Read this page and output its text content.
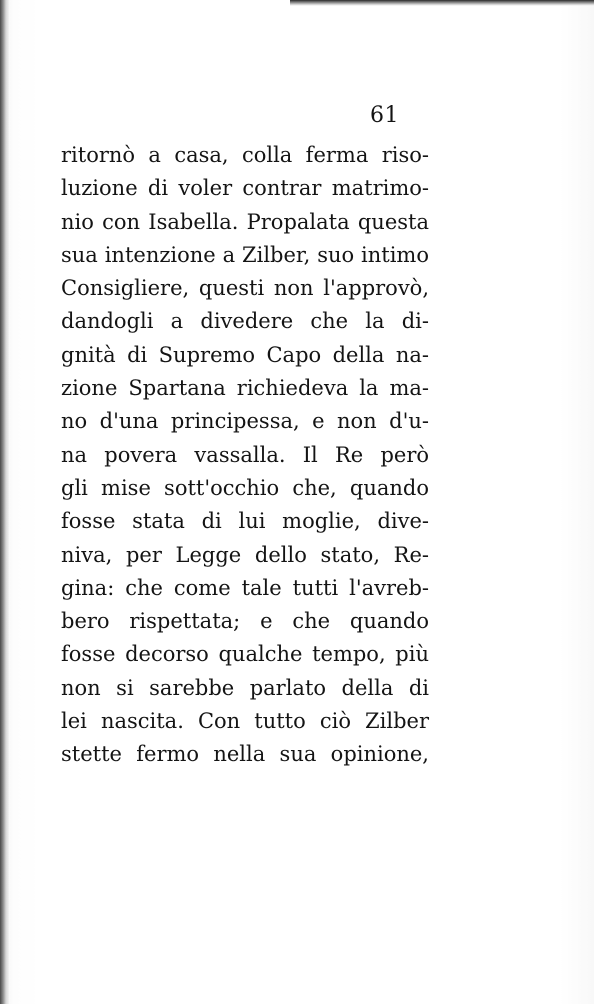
61
ritornò a casa, colla ferma riso-
luzione di voler contrar matrimo-
nio con Isabella. Propalata questa
sua intenzione a Zilber, suo intimo
Consigliere, questi non l'approvò,
dandogli a divedere che la di-
gnità di Supremo Capo della na-
zione Spartana richiedeva la ma-
no d'una principessa, e non d'u-
na povera vassalla. Il Re però
gli mise sott'occhio che, quando
fosse stata di lui moglie, dive-
niva, per Legge dello stato, Re-
gina: che come tale tutti l'avreb-
bero rispettata; e che quando
fosse decorso qualche tempo, più
non si sarebbe parlato della di
lei nascita. Con tutto ciò Zilber
stette fermo nella sua opinione,
